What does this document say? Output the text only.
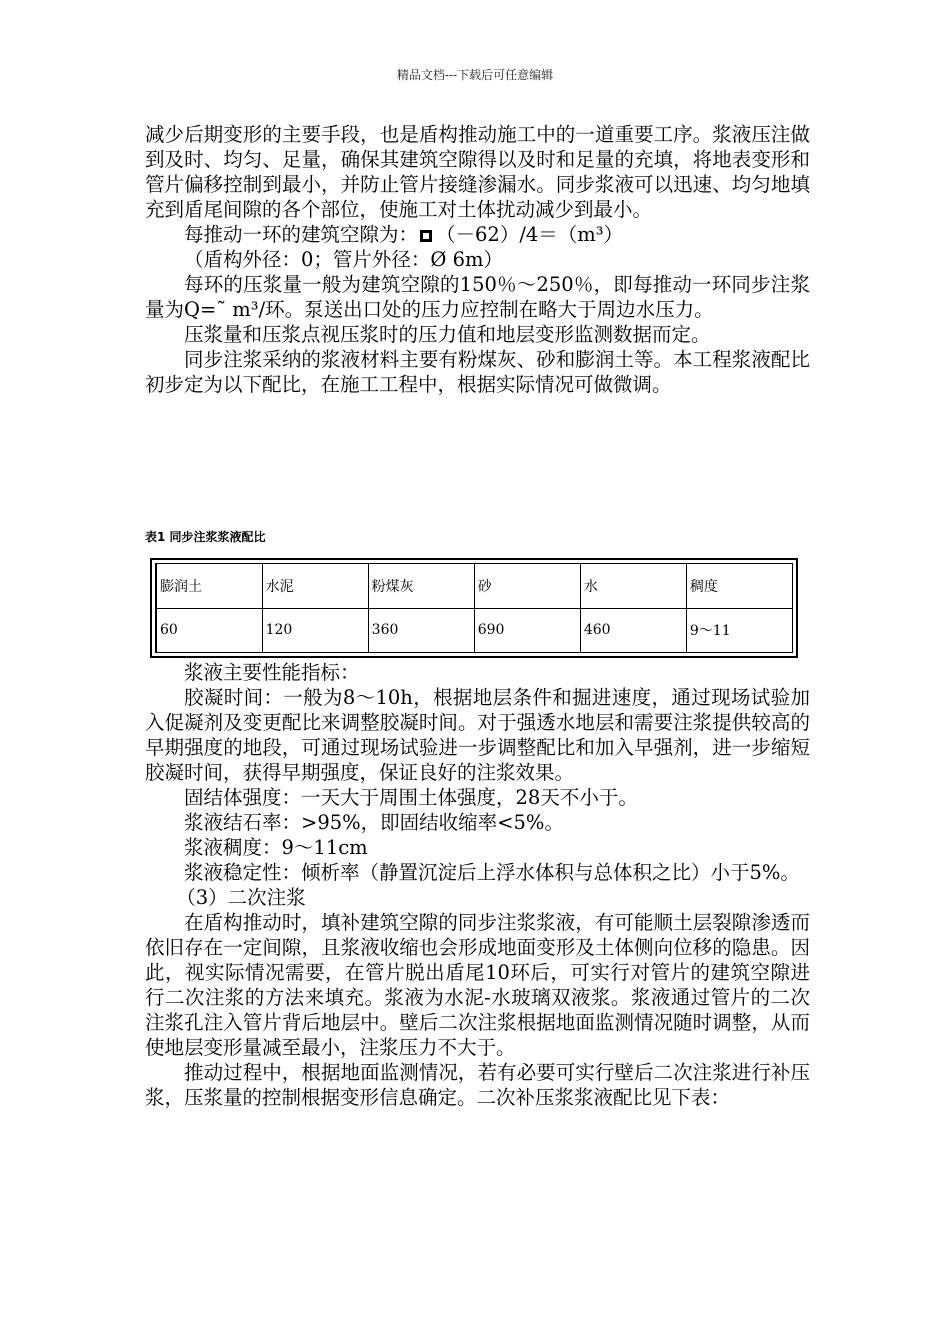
精品文档---下载后可任意编辑

减少后期变形的主要手段，也是盾构推动施工中的一道重要工序。浆液压注做到及时、均匀、足量，确保其建筑空隙得以及时和足量的充填，将地表变形和管片偏移控制到最小，并防止管片接缝渗漏水。同步浆液可以迅速、均匀地填充到盾尾间隙的各个部位，使施工对土体扰动减少到最小。

每推动一环的建筑空隙为： （－62）/4＝（m³）

（盾构外径：0；管片外径：Ø 6m）

每环的压浆量一般为建筑空隙的150％～250％，即每推动一环同步注浆量为Q=˜ m³/环。泵送出口处的压力应控制在略大于周边水压力。

压浆量和压浆点视压浆时的压力值和地层变形监测数据而定。

同步注浆采纳的浆液材料主要有粉煤灰、砂和膨润土等。本工程浆液配比初步定为以下配比，在施工工程中，根据实际情况可做微调。

表1 同步注浆浆液配比
膨润土	水泥	粉煤灰	砂	水	稠度
60	120	360	690	460	9～11

浆液主要性能指标：

胶凝时间：一般为8～10h，根据地层条件和掘进速度，通过现场试验加入促凝剂及变更配比来调整胶凝时间。对于强透水地层和需要注浆提供较高的早期强度的地段，可通过现场试验进一步调整配比和加入早强剂，进一步缩短胶凝时间，获得早期强度，保证良好的注浆效果。

固结体强度：一天大于周围土体强度，28天不小于。

浆液结石率：>95%，即固结收缩率<5%。

浆液稠度：9～11cm

浆液稳定性：倾析率（静置沉淀后上浮水体积与总体积之比）小于5%。

（3）二次注浆

在盾构推动时，填补建筑空隙的同步注浆浆液，有可能顺土层裂隙渗透而依旧存在一定间隙，且浆液收缩也会形成地面变形及土体侧向位移的隐患。因此，视实际情况需要，在管片脱出盾尾10环后，可实行对管片的建筑空隙进行二次注浆的方法来填充。浆液为水泥-水玻璃双液浆。浆液通过管片的二次注浆孔注入管片背后地层中。壁后二次注浆根据地面监测情况随时调整，从而使地层变形量减至最小，注浆压力不大于。

推动过程中，根据地面监测情况，若有必要可实行壁后二次注浆进行补压浆，压浆量的控制根据变形信息确定。二次补压浆浆液配比见下表：
